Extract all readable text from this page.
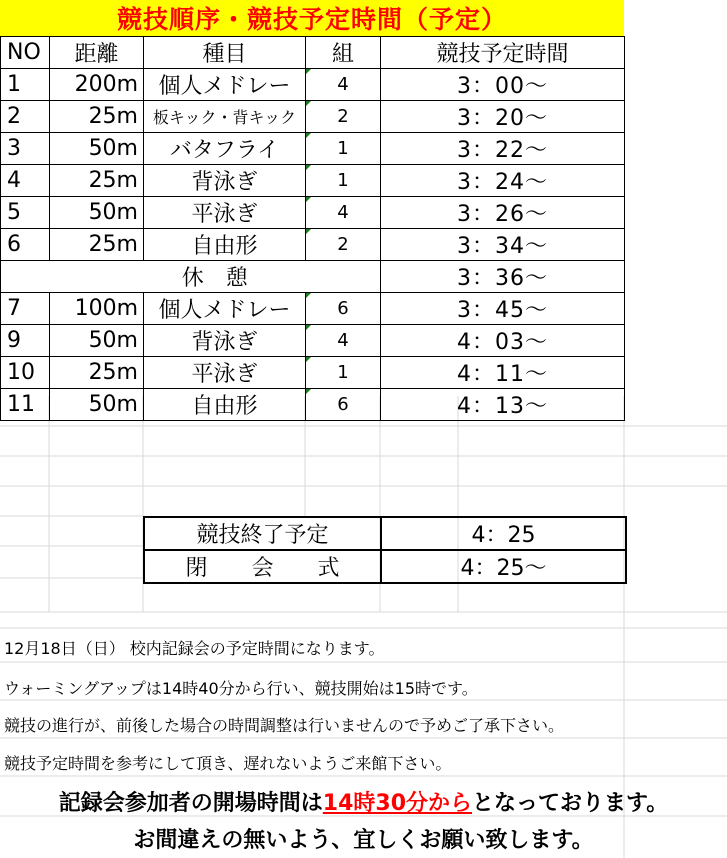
競技順序・競技予定時間（予定）
NO	距離	種目	組	競技予定時間
1	200m	個人メドレー	4	3：00～
2	25m	板キック・背キック	2	3：20～
3	50m	バタフライ	1	3：22～
4	25m	背泳ぎ	1	3：24～
5	50m	平泳ぎ	4	3：26～
6	25m	自由形	2	3：34～
	休　憩			3：36～
7	100m	個人メドレー	6	3：45～
9	50m	背泳ぎ	4	4：03～
10	25m	平泳ぎ	1	4：11～
11	50m	自由形	6	4：13～
競技終了予定	4：25
閉　　会　　式	4：25～
12月18日（日） 校内記録会の予定時間になります。
ウォーミングアップは14時40分から行い、競技開始は15時です。
競技の進行が、前後した場合の時間調整は行いませんので予めご了承下さい。
競技予定時間を参考にして頂き、遅れないようご来館下さい。
記録会参加者の開場時間は14時30分からとなっております。
お間違えの無いよう、宜しくお願い致します。
